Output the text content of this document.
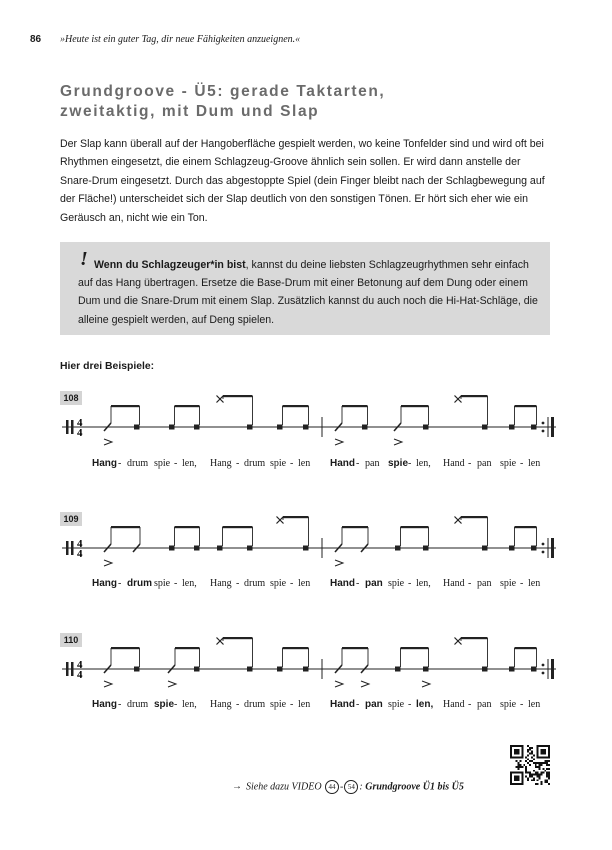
86 »Heute ist ein guter Tag, dir neue Fähigkeiten anzueignen.«
Grundgroove - Ü5: gerade Taktarten,
zweitaktig, mit Dum und Slap
Der Slap kann überall auf der Hangoberfläche gespielt werden, wo keine Tonfelder sind und wird oft bei Rhythmen eingesetzt, die einem Schlagzeug-Groove ähnlich sein sollen. Er wird dann anstelle der Snare-Drum eingesetzt. Durch das abgestoppte Spiel (dein Finger bleibt nach der Schlagbewegung auf der Fläche!) unterscheidet sich der Slap deutlich von den sonstigen Tönen. Er hört sich eher wie ein Geräusch an, nicht wie ein Ton.
! Wenn du Schlagzeuger*in bist, kannst du deine liebsten Schlagzeugrhythmen sehr einfach auf das Hang übertragen. Ersetze die Base-Drum mit einer Betonung auf dem Dung oder einem Dum und die Snare-Drum mit einem Slap. Zusätzlich kannst du auch noch die Hi-Hat-Schläge, die alleine gespielt werden, auf Deng spielen.
Hier drei Beispiele:
108
4
4
Hang - drum spie - len, Hang - drum spie - len Hand - pan spie - len, Hand - pan spie - len
109
4
4
Hang - drum spie - len, Hang - drum spie - len Hand - pan spie - len, Hand - pan spie - len
110
4
4
Hang - drum spie - len, Hang - drum spie - len Hand - pan spie - len, Hand - pan spie - len
→ Siehe dazu VIDEO 44 - 54 : Grundgroove Ü1 bis Ü5
